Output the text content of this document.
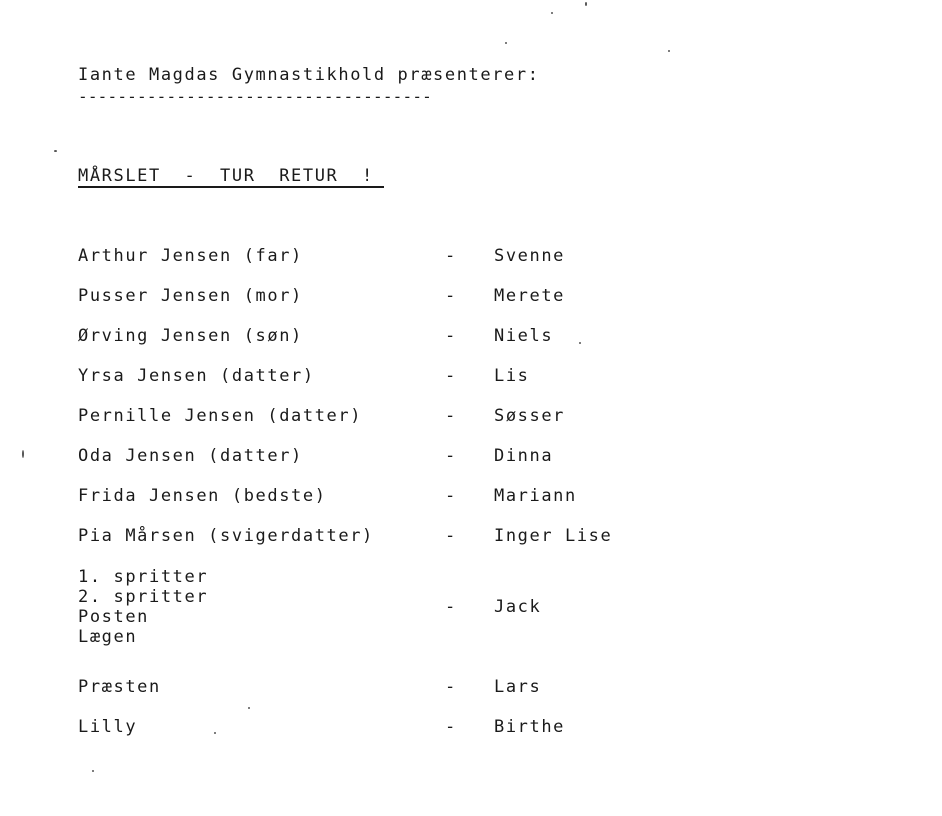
Iante Magdas Gymnastikhold præsenterer:
------------------------------------
MÅRSLET  -  TUR  RETUR  !
Arthur Jensen (far)	- Svenne
Pusser Jensen (mor)	- Merete
Ørving Jensen (søn)	- Niels
Yrsa Jensen (datter)	- Lis
Pernille Jensen (datter)	- Søsser
Oda Jensen (datter)	- Dinna
Frida Jensen (bedste)	- Mariann
Pia Mårsen (svigerdatter)	- Inger Lise
1. spritter
2. spritter
Posten
Lægen
- Jack
Præsten	- Lars
Lilly	- Birthe
